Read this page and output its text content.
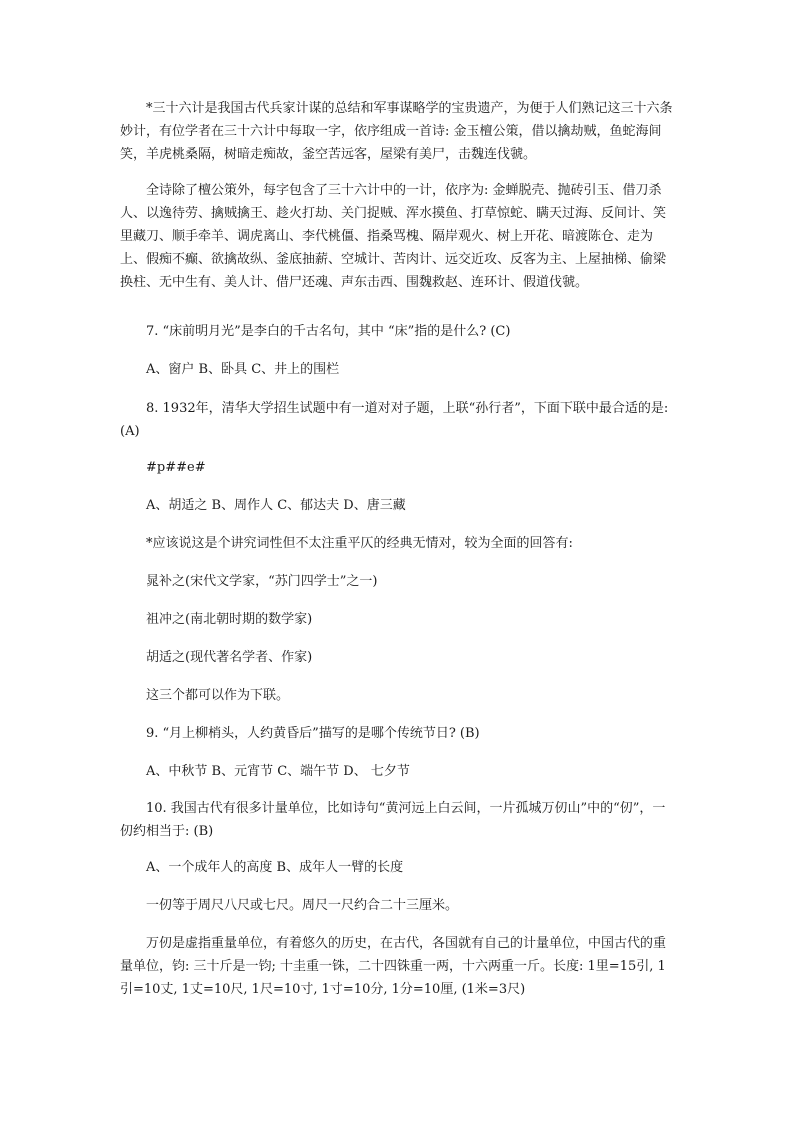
*三十六计是我国古代兵家计谋的总结和军事谋略学的宝贵遗产，为便于人们熟记这三十六条妙计，有位学者在三十六计中每取一字，依序组成一首诗: 金玉檀公策，借以擒劫贼，鱼蛇海间笑，羊虎桃桑隔，树暗走痴故，釜空苦远客，屋梁有美尸，击魏连伐虢。

全诗除了檀公策外，每字包含了三十六计中的一计，依序为: 金蝉脱壳、抛砖引玉、借刀杀人、以逸待劳、擒贼擒王、趁火打劫、关门捉贼、浑水摸鱼、打草惊蛇、瞒天过海、反间计、笑里藏刀、顺手牵羊、调虎离山、李代桃僵、指桑骂槐、隔岸观火、树上开花、暗渡陈仓、走为上、假痴不癫、欲擒故纵、釜底抽薪、空城计、苦肉计、远交近攻、反客为主、上屋抽梯、偷梁换柱、无中生有、美人计、借尸还魂、声东击西、围魏救赵、连环计、假道伐虢。

7. “床前明月光”是李白的千古名句，其中 “床”指的是什么? (C)

A、窗户 B、卧具 C、井上的围栏

8. 1932年，清华大学招生试题中有一道对对子题，上联“孙行者”，下面下联中最合适的是: (A)

#p##e#

A、胡适之 B、周作人 C、郁达夫 D、唐三藏

*应该说这是个讲究词性但不太注重平仄的经典无情对，较为全面的回答有:

晁补之(宋代文学家，“苏门四学士”之一)

祖冲之(南北朝时期的数学家)

胡适之(现代著名学者、作家)

这三个都可以作为下联。

9. “月上柳梢头，人约黄昏后”描写的是哪个传统节日? (B)

A、中秋节 B、元宵节 C、端午节 D、 七夕节

10. 我国古代有很多计量单位，比如诗句“黄河远上白云间，一片孤城万仞山”中的“仞”，一仞约相当于: (B)

A、一个成年人的高度 B、成年人一臂的长度

一仞等于周尺八尺或七尺。周尺一尺约合二十三厘米。

万仞是虚指重量单位，有着悠久的历史，在古代，各国就有自己的计量单位，中国古代的重量单位，钧: 三十斤是一钧; 十圭重一铢，二十四铢重一两，十六两重一斤。长度: 1里=15引, 1引=10丈, 1丈=10尺, 1尺=10寸, 1寸=10分, 1分=10厘, (1米=3尺)
